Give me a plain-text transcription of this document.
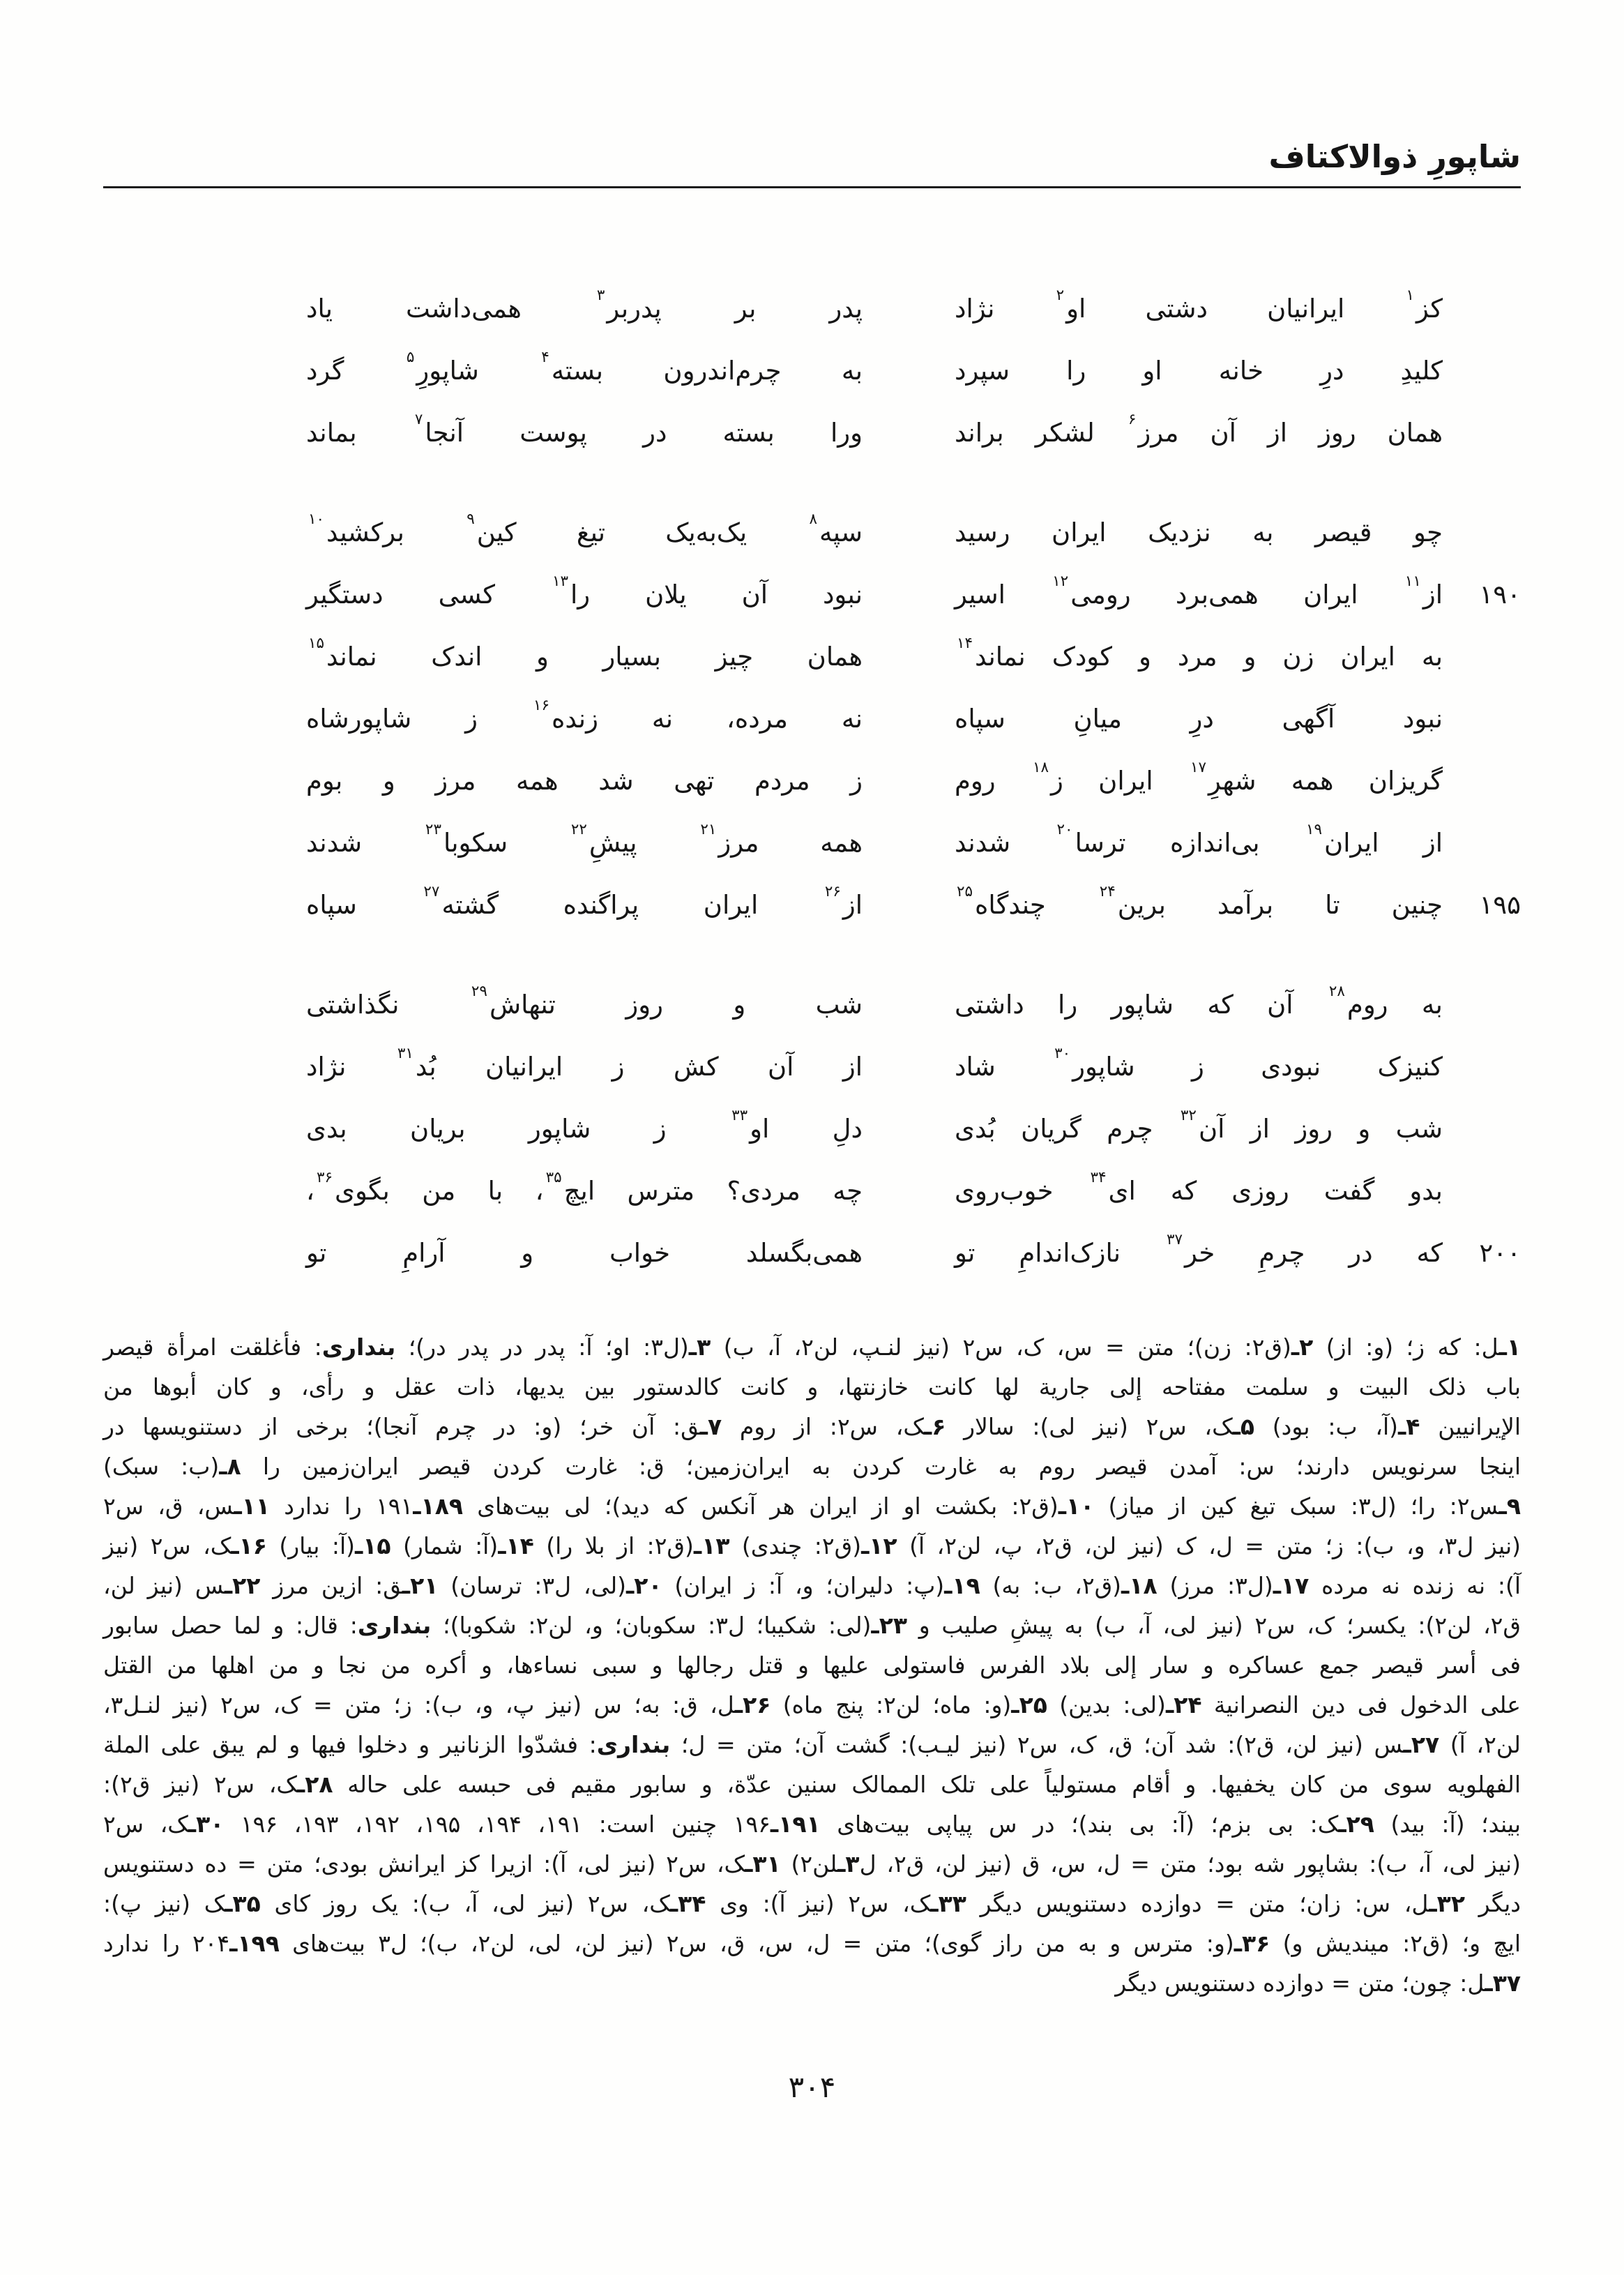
شاپورِ ذوالاکتاف
کز$^۱$ ایرانیان دشتی او$^۲$ نژاد
پدر بر پدربر$^۳$ همی‌داشت یاد
کلیدِ درِ خانه او را سپرد
به چرم‌اندرون بسته$^۴$ شاپورِ$^۵$ گرد
همان روز از آن مرز$^۶$ لشکر براند
ورا بسته در پوست آنجا$^۷$ بماند
چو قیصر به نزدیک ایران رسید
سپه$^۸$ یک‌به‌یک تیغ کین$^۹$ برکشید$^{۱۰}$
۱۹۰
از$^{۱۱}$ ایران همی‌برد رومی$^{۱۲}$ اسیر
نبود آن یلان را$^{۱۳}$ کسی دستگیر
به ایران زن و مرد و کودک نماند$^{۱۴}$
همان چیز بسیار و اندک نماند$^{۱۵}$
نبود آگهی درِ میانِ سپاه
نه مرده، نه زنده$^{۱۶}$ ز شاپورشاه
گریزان همه شهرِ$^{۱۷}$ ایران ز$^{۱۸}$ روم
ز مردم تهی شد همه مرز و بوم
از ایران$^{۱۹}$ بی‌اندازه ترسا$^{۲۰}$ شدند
همه مرز$^{۲۱}$ پیشِ$^{۲۲}$ سکوبا$^{۲۳}$ شدند
۱۹۵
چنین تا برآمد برین$^{۲۴}$ چندگاه$^{۲۵}$
از$^{۲۶}$ ایران پراگنده گشته$^{۲۷}$ سپاه
به روم$^{۲۸}$ آن که شاپور را داشتی
شب و روز تنهاش$^{۲۹}$ نگذاشتی
کنیزک نبودی ز شاپور$^{۳۰}$ شاد
از آن کش ز ایرانیان بُد$^{۳۱}$ نژاد
شب و روز از آن$^{۳۲}$ چرم گریان بُدی
دلِ او$^{۳۳}$ ز شاپور بریان بدی
بدو گفت روزی که ای$^{۳۴}$ خوب‌روی
چه مردی؟ مترس ایچ$^{۳۵}$، با من بگوی$^{۳۶}$،
۲۰۰
که در چرمِ خر$^{۳۷}$ نازک‌اندامِ تو
همی‌بگسلد خواب و آرامِ تو
۱ـل: که ز؛ (و: از) ۲ـ(ق۲: زن)؛ متن = س، ک، س۲ (نیز لنـپ، لن۲، آ، ب) ۳ـ(ل۳: او؛ آ: پدر در پدر در)؛ بنداری: فأغلقت امرأة قیصر
باب ذلک البیت و سلمت مفتاحه إلی جاریة لها کانت خازنتها، و کانت کالدستور بین یدیها، ذات عقل و رأی، و کان أبوها من
الإیرانیین ۴ـ(آ، ب: بود) ۵ـک، س۲ (نیز لی): سالار ۶ـک، س۲: از روم ۷ـق: آن خر؛ (و: در چرم آنجا)؛ برخی از دستنویسها در
اینجا سرنویس دارند؛ س: آمدن قیصر روم به غارت کردن به ایران‌زمین؛ ق: غارت کردن قیصر ایران‌زمین را ۸ـ(ب: سبک)
۹ـس۲: را؛ (ل۳: سبک تیغ کین از میاز) ۱۰ـ(ق۲: بکشت او از ایران هر آنکس که دید)؛ لی بیت‌های ۱۸۹ـ۱۹۱ را ندارد ۱۱ـس، ق، س۲
(نیز ل۳، و، ب): ز؛ متن = ل، ک (نیز لن، ق۲، پ، لن۲، آ) ۱۲ـ(ق۲: چندی) ۱۳ـ(ق۲: از بلا را) ۱۴ـ(آ: شمار) ۱۵ـ(آ: بیار) ۱۶ـک، س۲ (نیز
آ): نه زنده نه مرده ۱۷ـ(ل۳: مرز) ۱۸ـ(ق۲، ب: به) ۱۹ـ(پ: دلیران؛ و، آ: ز ایران) ۲۰ـ(لی، ل۳: ترسان) ۲۱ـق: ازین مرز ۲۲ـس (نیز لن،
ق۲، لن۲): یکسر؛ ک، س۲ (نیز لی، آ، ب) به پیشِ صلیب و ۲۳ـ(لی: شکیبا؛ ل۳: سکوبان؛ و، لن۲: شکوبا)؛ بنداری: قال: و لما حصل سابور
فی أسر قیصر جمع عساکره و سار إلی بلاد الفرس فاستولی علیها و قتل رجالها و سبی نساءها، و أکره من نجا و من اهلها من القتل
علی الدخول فی دین النصرانیة ۲۴ـ(لی: بدین) ۲۵ـ(و: ماه؛ لن۲: پنج ماه) ۲۶ـل، ق: به؛ س (نیز پ، و، ب): ز؛ متن = ک، س۲ (نیز لنـل۳،
لن۲، آ) ۲۷ـس (نیز لن، ق۲): شد آن؛ ق، ک، س۲ (نیز لیـب): گشت آن؛ متن = ل؛ بنداری: فشدّوا الزنانیر و دخلوا فیها و لم یبق علی الملة
الفهلویه سوی من کان یخفیها. و أقام مستولیاً علی تلک الممالک سنین عدّة، و سابور مقیم فی حبسه علی حاله ۲۸ـک، س۲ (نیز ق۲):
بیند؛ (آ: بید) ۲۹ـک: بی بزم؛ (آ: بی بند)؛ در س پیاپی بیت‌های ۱۹۱ـ۱۹۶ چنین است: ۱۹۱، ۱۹۴، ۱۹۵، ۱۹۲، ۱۹۳، ۱۹۶ ۳۰ـک، س۲
(نیز لی، آ، ب): بشاپور شه بود؛ متن = ل، س، ق (نیز لن، ق۲، ل۳ـلن۲) ۳۱ـک، س۲ (نیز لی، آ): ازیرا کز ایرانش بودی؛ متن = ده دستنویس
دیگر ۳۲ـل، س: زان؛ متن = دوازده دستنویس دیگر ۳۳ـک، س۲ (نیز آ): وی ۳۴ـک، س۲ (نیز لی، آ، ب): یک روز کای ۳۵ـک (نیز پ):
ایچ و؛ (ق۲: میندیش و) ۳۶ـ(و: مترس و به من راز گوی)؛ متن = ل، س، ق، س۲ (نیز لن، لی، لن۲، ب)؛ ل۳ بیت‌های ۱۹۹ـ۲۰۴ را ندارد
۳۷ـل: چون؛ متن = دوازده دستنویس دیگر
۳۰۴
